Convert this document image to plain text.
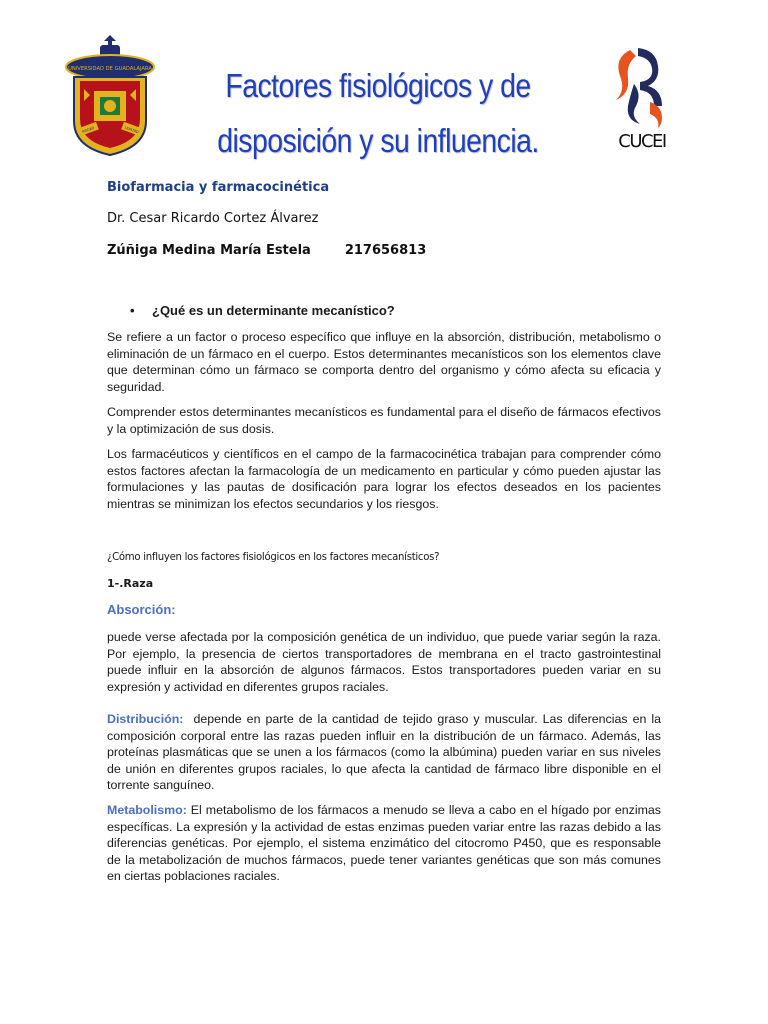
UNIVERSIDAD DE GUADALAJARA
PIEDAD	LEALTAD
Factores fisiológicos y de
disposición y su influencia.	CUCEI
Biofarmacia y farmacocinética
Dr. Cesar Ricardo Cortez Álvarez
Zúñiga Medina María Estela	217656813
• ¿Qué es un determinante mecanístico?
Se refiere a un factor o proceso específico que influye en la absorción, distribución, metabolismo o eliminación de un fármaco en el cuerpo. Estos determinantes mecanísticos son los elementos clave que determinan cómo un fármaco se comporta dentro del organismo y cómo afecta su eficacia y seguridad.
Comprender estos determinantes mecanísticos es fundamental para el diseño de fármacos efectivos y la optimización de sus dosis.
Los farmacéuticos y científicos en el campo de la farmacocinética trabajan para comprender cómo estos factores afectan la farmacología de un medicamento en particular y cómo pueden ajustar las formulaciones y las pautas de dosificación para lograr los efectos deseados en los pacientes mientras se minimizan los efectos secundarios y los riesgos.
¿Cómo influyen los factores fisiológicos en los factores mecanísticos?
1-.Raza
Absorción:
puede verse afectada por la composición genética de un individuo, que puede variar según la raza. Por ejemplo, la presencia de ciertos transportadores de membrana en el tracto gastrointestinal puede influir en la absorción de algunos fármacos. Estos transportadores pueden variar en su expresión y actividad en diferentes grupos raciales.
Distribución: depende en parte de la cantidad de tejido graso y muscular. Las diferencias en la composición corporal entre las razas pueden influir en la distribución de un fármaco. Además, las proteínas plasmáticas que se unen a los fármacos (como la albúmina) pueden variar en sus niveles de unión en diferentes grupos raciales, lo que afecta la cantidad de fármaco libre disponible en el torrente sanguíneo.
Metabolismo: El metabolismo de los fármacos a menudo se lleva a cabo en el hígado por enzimas específicas. La expresión y la actividad de estas enzimas pueden variar entre las razas debido a las diferencias genéticas. Por ejemplo, el sistema enzimático del citocromo P450, que es responsable de la metabolización de muchos fármacos, puede tener variantes genéticas que son más comunes en ciertas poblaciones raciales.
